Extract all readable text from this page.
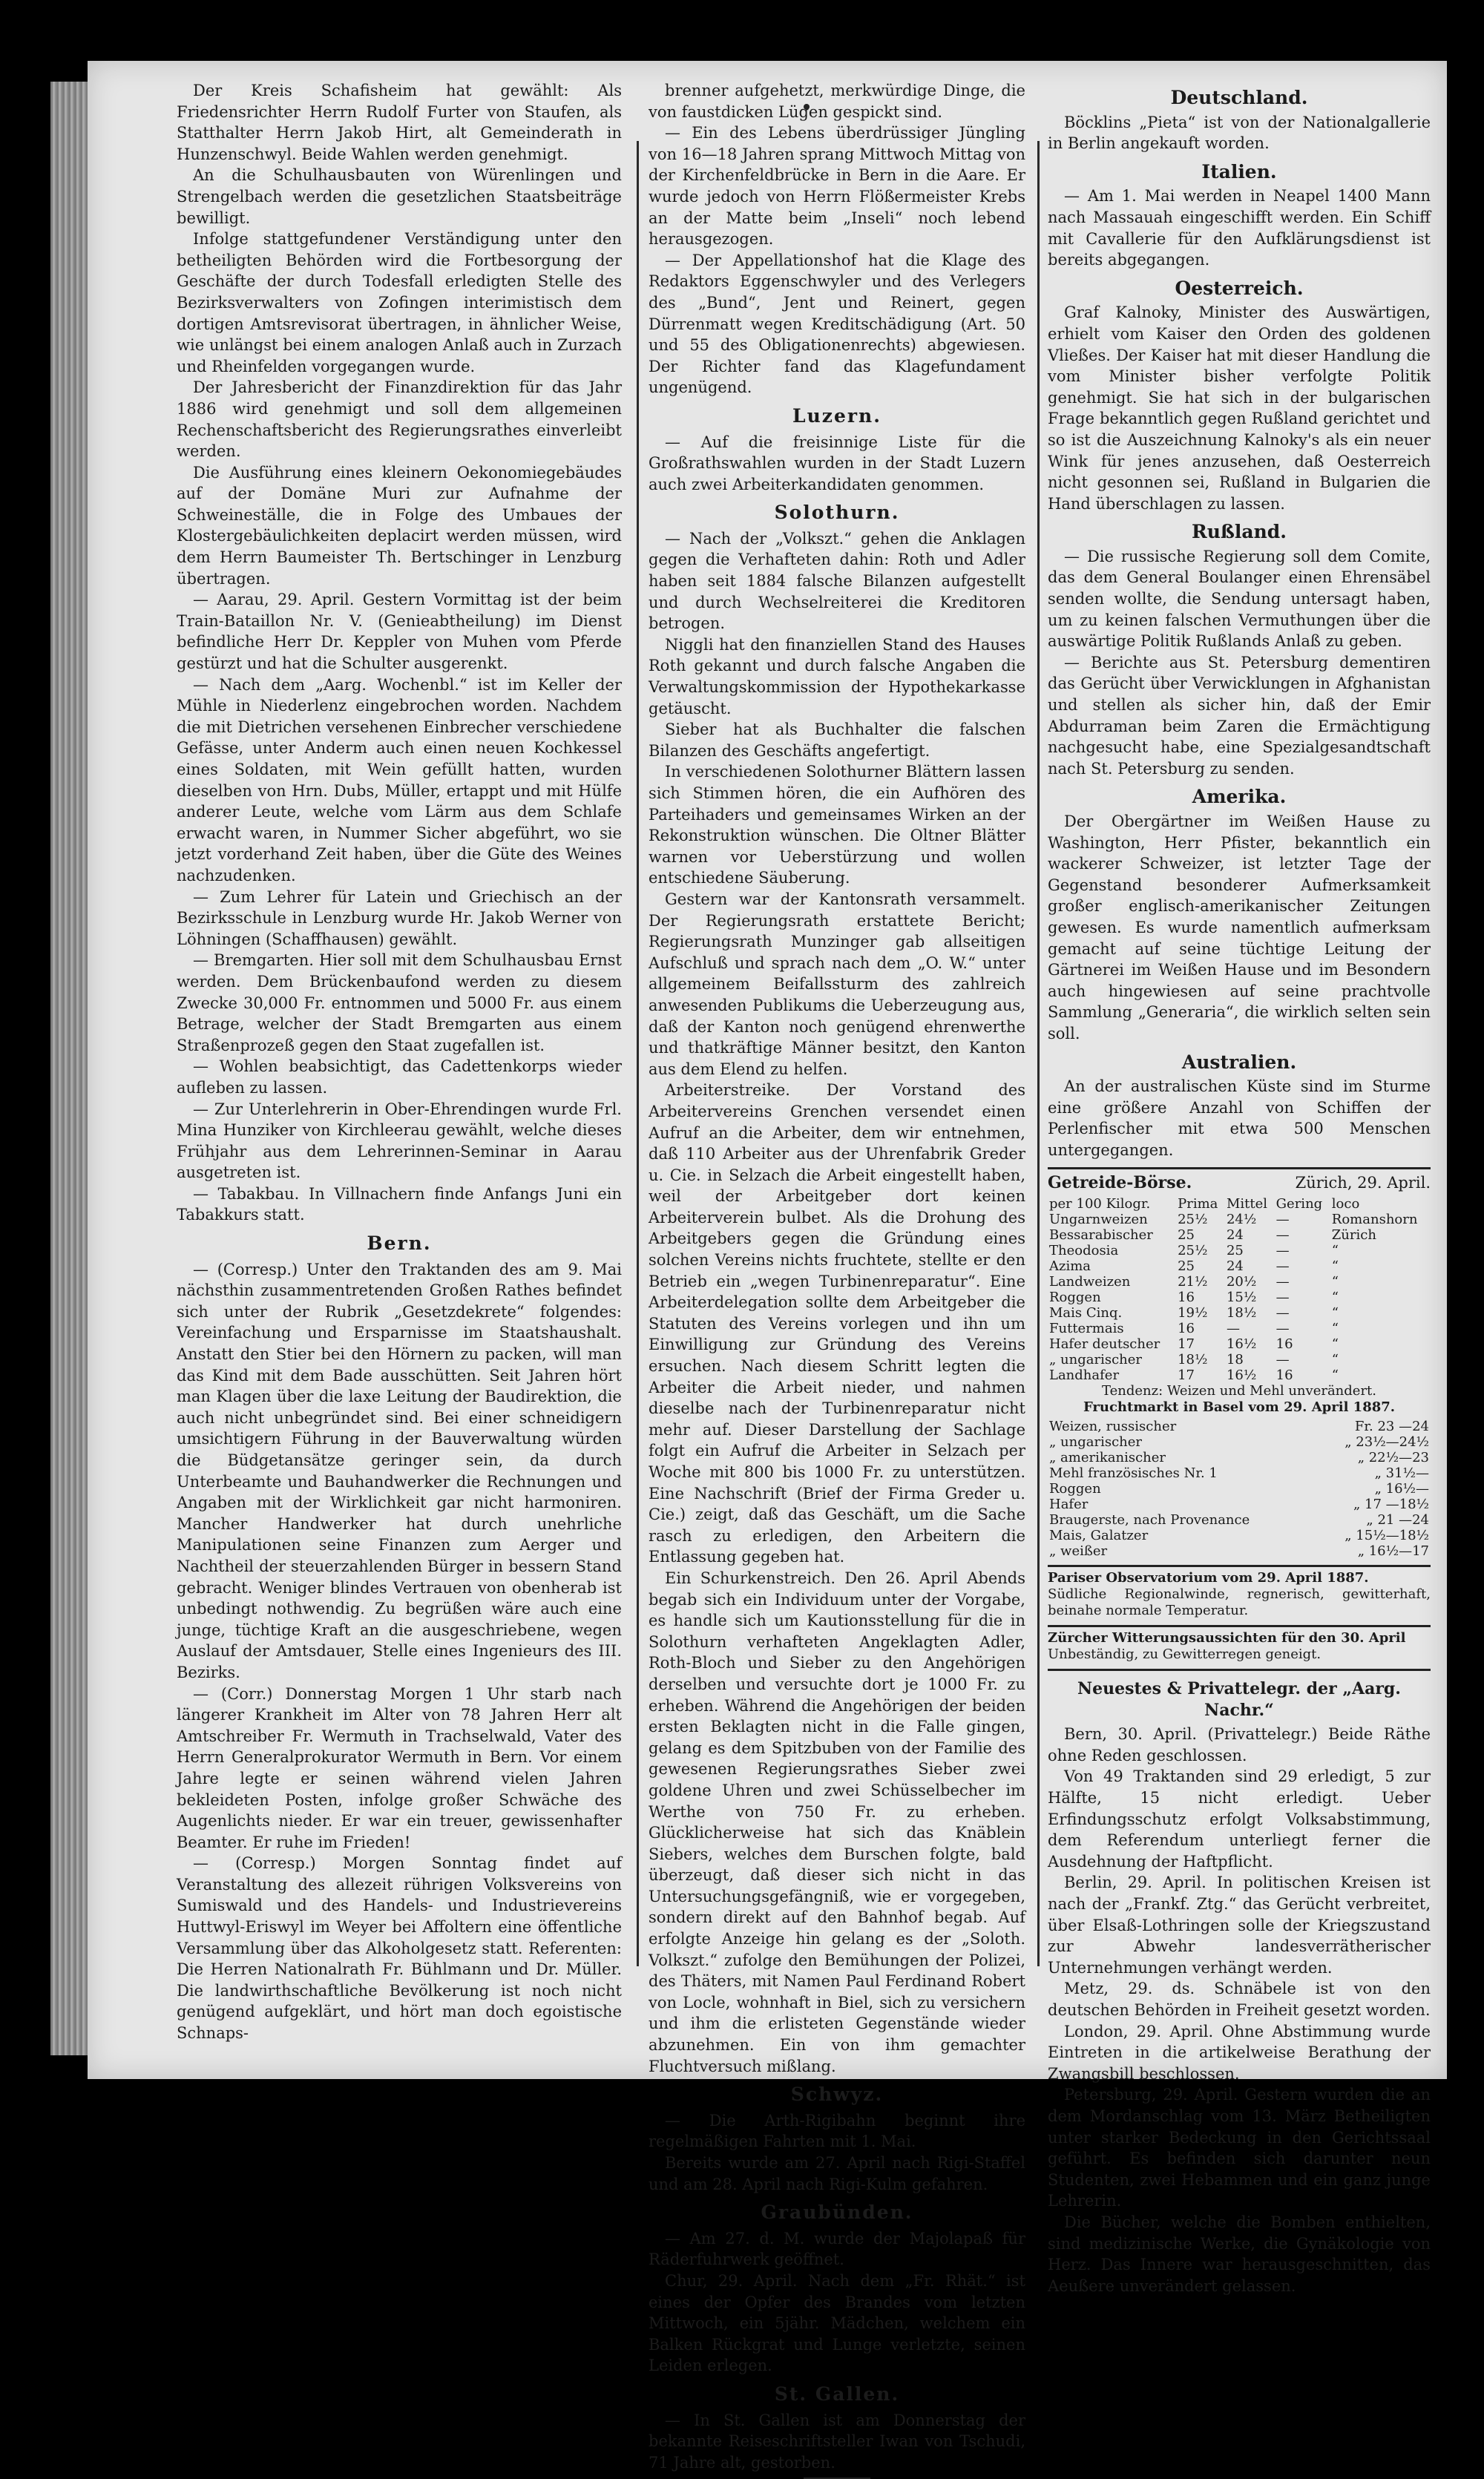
Der Kreis Schafisheim hat gewählt: Als Friedensrichter Herrn Rudolf Furter von Staufen, als Statthalter Herrn Jakob Hirt, alt Gemeinderath in Hunzenschwyl. Beide Wahlen werden genehmigt.

An die Schulhausbauten von Würenlingen und Strengelbach werden die gesetzlichen Staatsbeiträge bewilligt.

Infolge stattgefundener Verständigung unter den betheiligten Behörden wird die Fortbesorgung der Geschäfte der durch Todesfall erledigten Stelle des Bezirksverwalters von Zofingen interimistisch dem dortigen Amtsrevisorat übertragen, in ähnlicher Weise, wie unlängst bei einem analogen Anlaß auch in Zurzach und Rheinfelden vorgegangen wurde.

Der Jahresbericht der Finanzdirektion für das Jahr 1886 wird genehmigt und soll dem allgemeinen Rechenschaftsbericht des Regierungsrathes einverleibt werden.

Die Ausführung eines kleinern Oekonomiegebäudes auf der Domäne Muri zur Aufnahme der Schweineställe, die in Folge des Umbaues der Klostergebäulichkeiten deplacirt werden müssen, wird dem Herrn Baumeister Th. Bertschinger in Lenzburg übertragen.

— Aarau, 29. April. Gestern Vormittag ist der beim Train-Bataillon Nr. V. (Genieabtheilung) im Dienst befindliche Herr Dr. Keppler von Muhen vom Pferde gestürzt und hat die Schulter ausgerenkt.

— Nach dem „Aarg. Wochenbl.“ ist im Keller der Mühle in Niederlenz eingebrochen worden. Nachdem die mit Dietrichen versehenen Einbrecher verschiedene Gefässe, unter Anderm auch einen neuen Kochkessel eines Soldaten, mit Wein gefüllt hatten, wurden dieselben von Hrn. Dubs, Müller, ertappt und mit Hülfe anderer Leute, welche vom Lärm aus dem Schlafe erwacht waren, in Nummer Sicher abgeführt, wo sie jetzt vorderhand Zeit haben, über die Güte des Weines nachzudenken.

— Zum Lehrer für Latein und Griechisch an der Bezirksschule in Lenzburg wurde Hr. Jakob Werner von Löhningen (Schaffhausen) gewählt.

— Bremgarten. Hier soll mit dem Schulhausbau Ernst werden. Dem Brückenbaufond werden zu diesem Zwecke 30,000 Fr. entnommen und 5000 Fr. aus einem Betrage, welcher der Stadt Bremgarten aus einem Straßenprozeß gegen den Staat zugefallen ist.

— Wohlen beabsichtigt, das Cadettenkorps wieder aufleben zu lassen.

— Zur Unterlehrerin in Ober-Ehrendingen wurde Frl. Mina Hunziker von Kirchleerau gewählt, welche dieses Frühjahr aus dem Lehrerinnen-Seminar in Aarau ausgetreten ist.

— Tabakbau. In Villnachern finde Anfangs Juni ein Tabakkurs statt.

Bern.

— (Corresp.) Unter den Traktanden des am 9. Mai nächsthin zusammentretenden Großen Rathes befindet sich unter der Rubrik „Gesetzdekrete“ folgendes: Vereinfachung und Ersparnisse im Staatshaushalt. Anstatt den Stier bei den Hörnern zu packen, will man das Kind mit dem Bade ausschütten. Seit Jahren hört man Klagen über die laxe Leitung der Baudirektion, die auch nicht unbegründet sind. Bei einer schneidigern umsichtigern Führung in der Bauverwaltung würden die Büdgetansätze geringer sein, da durch Unterbeamte und Bauhandwerker die Rechnungen und Angaben mit der Wirklichkeit gar nicht harmoniren. Mancher Handwerker hat durch unehrliche Manipulationen seine Finanzen zum Aerger und Nachtheil der steuerzahlenden Bürger in bessern Stand gebracht. Weniger blindes Vertrauen von obenherab ist unbedingt nothwendig. Zu begrüßen wäre auch eine junge, tüchtige Kraft an die ausgeschriebene, wegen Auslauf der Amtsdauer, Stelle eines Ingenieurs des III. Bezirks.

— (Corr.) Donnerstag Morgen 1 Uhr starb nach längerer Krankheit im Alter von 78 Jahren Herr alt Amtschreiber Fr. Wermuth in Trachselwald, Vater des Herrn Generalprokurator Wermuth in Bern. Vor einem Jahre legte er seinen während vielen Jahren bekleideten Posten, infolge großer Schwäche des Augenlichts nieder. Er war ein treuer, gewissenhafter Beamter. Er ruhe im Frieden!

— (Corresp.) Morgen Sonntag findet auf Veranstaltung des allezeit rührigen Volksvereins von Sumiswald und des Handels- und Industrievereins Huttwyl-Eriswyl im Weyer bei Affoltern eine öffentliche Versammlung über das Alkoholgesetz statt. Referenten: Die Herren Nationalrath Fr. Bühlmann und Dr. Müller. Die landwirthschaftliche Bevölkerung ist noch nicht genügend aufgeklärt, und hört man doch egoistische Schnaps-

brenner aufgehetzt, merkwürdige Dinge, die von faustdicken Lügen gespickt sind.

— Ein des Lebens überdrüssiger Jüngling von 16—18 Jahren sprang Mittwoch Mittag von der Kirchenfeldbrücke in Bern in die Aare. Er wurde jedoch von Herrn Flößermeister Krebs an der Matte beim „Inseli“ noch lebend herausgezogen.

— Der Appellationshof hat die Klage des Redaktors Eggenschwyler und des Verlegers des „Bund“, Jent und Reinert, gegen Dürrenmatt wegen Kreditschädigung (Art. 50 und 55 des Obligationenrechts) abgewiesen. Der Richter fand das Klagefundament ungenügend.

Luzern.

— Auf die freisinnige Liste für die Großrathswahlen wurden in der Stadt Luzern auch zwei Arbeiterkandidaten genommen.

Solothurn.

— Nach der „Volkszt.“ gehen die Anklagen gegen die Verhafteten dahin: Roth und Adler haben seit 1884 falsche Bilanzen aufgestellt und durch Wechselreiterei die Kreditoren betrogen.

Niggli hat den finanziellen Stand des Hauses Roth gekannt und durch falsche Angaben die Verwaltungskommission der Hypothekarkasse getäuscht.

Sieber hat als Buchhalter die falschen Bilanzen des Geschäfts angefertigt.

In verschiedenen Solothurner Blättern lassen sich Stimmen hören, die ein Aufhören des Parteihaders und gemeinsames Wirken an der Rekonstruktion wünschen. Die Oltner Blätter warnen vor Ueberstürzung und wollen entschiedene Säuberung.

Gestern war der Kantonsrath versammelt. Der Regierungsrath erstattete Bericht; Regierungsrath Munzinger gab allseitigen Aufschluß und sprach nach dem „O. W.“ unter allgemeinem Beifallssturm des zahlreich anwesenden Publikums die Ueberzeugung aus, daß der Kanton noch genügend ehrenwerthe und thatkräftige Männer besitzt, den Kanton aus dem Elend zu helfen.

Arbeiterstreike. Der Vorstand des Arbeitervereins Grenchen versendet einen Aufruf an die Arbeiter, dem wir entnehmen, daß 110 Arbeiter aus der Uhrenfabrik Greder u. Cie. in Selzach die Arbeit eingestellt haben, weil der Arbeitgeber dort keinen Arbeiterverein bulbet. Als die Drohung des Arbeitgebers gegen die Gründung eines solchen Vereins nichts fruchtete, stellte er den Betrieb ein „wegen Turbinenreparatur“. Eine Arbeiterdelegation sollte dem Arbeitgeber die Statuten des Vereins vorlegen und ihn um Einwilligung zur Gründung des Vereins ersuchen. Nach diesem Schritt legten die Arbeiter die Arbeit nieder, und nahmen dieselbe nach der Turbinenreparatur nicht mehr auf. Dieser Darstellung der Sachlage folgt ein Aufruf die Arbeiter in Selzach per Woche mit 800 bis 1000 Fr. zu unterstützen. Eine Nachschrift (Brief der Firma Greder u. Cie.) zeigt, daß das Geschäft, um die Sache rasch zu erledigen, den Arbeitern die Entlassung gegeben hat.

Ein Schurkenstreich. Den 26. April Abends begab sich ein Individuum unter der Vorgabe, es handle sich um Kautionsstellung für die in Solothurn verhafteten Angeklagten Adler, Roth-Bloch und Sieber zu den Angehörigen derselben und versuchte dort je 1000 Fr. zu erheben. Während die Angehörigen der beiden ersten Beklagten nicht in die Falle gingen, gelang es dem Spitzbuben von der Familie des gewesenen Regierungsrathes Sieber zwei goldene Uhren und zwei Schüsselbecher im Werthe von 750 Fr. zu erheben. Glücklicherweise hat sich das Knäblein Siebers, welches dem Burschen folgte, bald überzeugt, daß dieser sich nicht in das Untersuchungsgefängniß, wie er vorgegeben, sondern direkt auf den Bahnhof begab. Auf erfolgte Anzeige hin gelang es der „Soloth. Volkszt.“ zufolge den Bemühungen der Polizei, des Thäters, mit Namen Paul Ferdinand Robert von Locle, wohnhaft in Biel, sich zu versichern und ihm die erlisteten Gegenstände wieder abzunehmen. Ein von ihm gemachter Fluchtversuch mißlang.

Schwyz.

— Die Arth-Rigibahn beginnt ihre regelmäßigen Fahrten mit 1. Mai.

Bereits wurde am 27. April nach Rigi-Staffel und am 28. April nach Rigi-Kulm gefahren.

Graubünden.

— Am 27. d. M. wurde der Majolapaß für Räderfuhrwerk geöffnet.

Chur, 29. April. Nach dem „Fr. Rhät.“ ist eines der Opfer des Brandes vom letzten Mittwoch, ein 5jähr. Mädchen, welchem ein Balken Rückgrat und Lunge verletzte, seinen Leiden erlegen.

St. Gallen.

— In St. Gallen ist am Donnerstag der bekannte Reiseschriftsteller Iwan von Tschudi, 71 Jahre alt, gestorben.

Deutschland.

Böcklins „Pieta“ ist von der Nationalgallerie in Berlin angekauft worden.

Italien.

— Am 1. Mai werden in Neapel 1400 Mann nach Massauah eingeschifft werden. Ein Schiff mit Cavallerie für den Aufklärungsdienst ist bereits abgegangen.

Oesterreich.

Graf Kalnoky, Minister des Auswärtigen, erhielt vom Kaiser den Orden des goldenen Vließes. Der Kaiser hat mit dieser Handlung die vom Minister bisher verfolgte Politik genehmigt. Sie hat sich in der bulgarischen Frage bekanntlich gegen Rußland gerichtet und so ist die Auszeichnung Kalnoky's als ein neuer Wink für jenes anzusehen, daß Oesterreich nicht gesonnen sei, Rußland in Bulgarien die Hand überschlagen zu lassen.

Rußland.

— Die russische Regierung soll dem Comite, das dem General Boulanger einen Ehrensäbel senden wollte, die Sendung untersagt haben, um zu keinen falschen Vermuthungen über die auswärtige Politik Rußlands Anlaß zu geben.

— Berichte aus St. Petersburg dementiren das Gerücht über Verwicklungen in Afghanistan und stellen als sicher hin, daß der Emir Abdurraman beim Zaren die Ermächtigung nachgesucht habe, eine Spezialgesandtschaft nach St. Petersburg zu senden.

Amerika.

Der Obergärtner im Weißen Hause zu Washington, Herr Pfister, bekanntlich ein wackerer Schweizer, ist letzter Tage der Gegenstand besonderer Aufmerksamkeit großer englisch-amerikanischer Zeitungen gewesen. Es wurde namentlich aufmerksam gemacht auf seine tüchtige Leitung der Gärtnerei im Weißen Hause und im Besondern auch hingewiesen auf seine prachtvolle Sammlung „Generaria“, die wirklich selten sein soll.

Australien.

An der australischen Küste sind im Sturme eine größere Anzahl von Schiffen der Perlenfischer mit etwa 500 Menschen untergegangen.

Getreide-Börse.	Zürich, 29. April.
per 100 Kilogr.	Prima	Mittel	Gering	loco
Ungarnweizen	25½	24½	—	Romanshorn
Bessarabischer	25	24	—	Zürich
Theodosia	25½	25	—	“
Azima	25	24	—	“
Landweizen	21½	20½	—	“
Roggen	16	15½	—	“
Mais Cinq.	19½	18½	—	“
Futtermais	16	—	—	“
Hafer deutscher	17	16½	16	“
„ ungarischer	18½	18	—	“
Landhafer	17	16½	16	“
Tendenz: Weizen und Mehl unverändert.
Fruchtmarkt in Basel vom 29. April 1887.
Weizen, russischer	Fr. 23 —24
„ ungarischer	„ 23½—24½
„ amerikanischer	„ 22½—23
Mehl französisches Nr. 1	„ 31½—
Roggen	„ 16½—
Hafer	„ 17 —18½
Braugerste, nach Provenance	„ 21 —24
Mais, Galatzer	„ 15½—18½
„ weißer	„ 16½—17
Pariser Observatorium vom 29. April 1887.
Südliche Regionalwinde, regnerisch, gewitterhaft, beinahe normale Temperatur.
Zürcher Witterungsaussichten für den 30. April
Unbeständig, zu Gewitterregen geneigt.
Neuestes & Privattelegr. der „Aarg. Nachr.“

Bern, 30. April. (Privattelegr.) Beide Räthe ohne Reden geschlossen.

Von 49 Traktanden sind 29 erledigt, 5 zur Hälfte, 15 nicht erledigt. Ueber Erfindungsschutz erfolgt Volksabstimmung, dem Referendum unterliegt ferner die Ausdehnung der Haftpflicht.

Berlin, 29. April. In politischen Kreisen ist nach der „Frankf. Ztg.“ das Gerücht verbreitet, über Elsaß-Lothringen solle der Kriegszustand zur Abwehr landesverrätherischer Unternehmungen verhängt werden.

Metz, 29. ds. Schnäbele ist von den deutschen Behörden in Freiheit gesetzt worden.

London, 29. April. Ohne Abstimmung wurde Eintreten in die artikelweise Berathung der Zwangsbill beschlossen.

Petersburg, 29. April. Gestern wurden die an dem Mordanschlag vom 13. März Betheiligten unter starker Bedeckung in den Gerichtssaal geführt. Es befinden sich darunter neun Studenten, zwei Hebammen und ein ganz junge Lehrerin.

Die Bücher, welche die Bomben enthielten, sind medizinische Werke, die Gynäkologie von Herz. Das Innere war herausgeschnitten, das Aeußere unverändert gelassen.
